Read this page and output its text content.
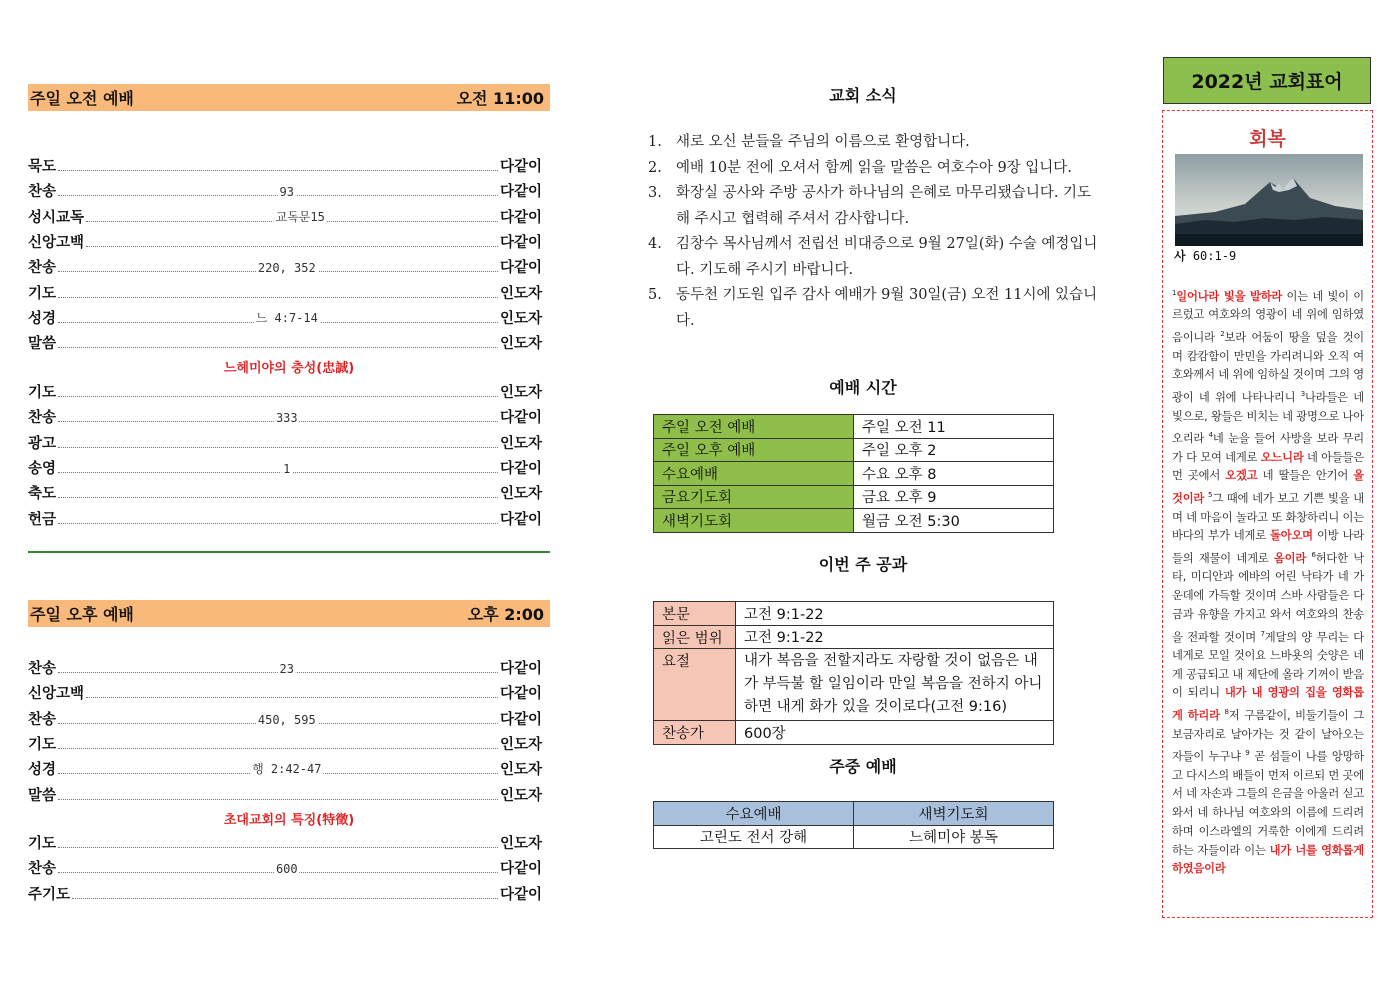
주일 오전 예배	오전 11:00
묵도	다같이
찬송	93	다같이
성시교독	교독문15	다같이
신앙고백	다같이
찬송	220, 352	다같이
기도	인도자
성경	느 4:7-14	인도자
말씀	인도자
느헤미야의 충성(忠誠)
기도	인도자
찬송	333	다같이
광고	인도자
송영	1	다같이
축도	인도자
헌금	다같이
주일 오후 예배	오후 2:00
찬송	23	다같이
신앙고백	다같이
찬송	450, 595	다같이
기도	인도자
성경	행 2:42-47	인도자
말씀	인도자
초대교회의 특징(特徵)
기도	인도자
찬송	600	다같이
주기도	다같이
교회 소식
1. 새로 오신 분들을 주님의 이름으로 환영합니다.
2. 예배 10분 전에 오셔서 함께 읽을 말씀은 여호수아 9장 입니다.
3. 화장실 공사와 주방 공사가 하나님의 은혜로 마무리됐습니다. 기도해 주시고 협력해 주셔서 감사합니다.
4. 김창수 목사님께서 전립선 비대증으로 9월 27일(화) 수술 예정입니다. 기도해 주시기 바랍니다.
5. 동두천 기도원 입주 감사 예배가 9월 30일(금) 오전 11시에 있습니다.
예배 시간
주일 오전 예배	주일 오전 11
주일 오후 예배	주일 오후 2
수요예배	수요 오후 8
금요기도회	금요 오후 9
새벽기도회	월금 오전 5:30
이번 주 공과
본문	고전 9:1-22
읽은 범위	고전 9:1-22
요절	내가 복음을 전할지라도 자랑할 것이 없음은 내가 부득불 할 일임이라 만일 복음을 전하지 아니하면 내게 화가 있을 것이로다(고전 9:16)
찬송가	600장
주중 예배
수요예배	새벽기도회
고린도 전서 강해	느헤미야 봉독
2022년 교회표어
회복
사 60:1-9
$^1$일어나라 빛을 발하라 이는 네 빛이 이르렀고 여호와의 영광이 네 위에 임하였음이니라 $^2$보라 어둠이 땅을 덮을 것이며 캄캄함이 만민을 가리려니와 오직 여호와께서 네 위에 임하실 것이며 그의 영광이 네 위에 나타나리니 $^3$나라들은 네 빛으로, 왕들은 비치는 네 광명으로 나아오리라 $^4$네 눈을 들어 사방을 보라 무리가 다 모여 네게로 오느니라 네 아들들은 먼 곳에서 오겠고 네 딸들은 안기어 올 것이라 $^5$그 때에 네가 보고 기쁜 빛을 내며 네 마음이 놀라고 또 화창하리니 이는 바다의 부가 네게로 돌아오며 이방 나라들의 재물이 네게로 옴이라 $^6$허다한 낙타, 미디안과 에바의 어린 낙타가 네 가운데에 가득할 것이며 스바 사람들은 다 금과 유향을 가지고 와서 여호와의 찬송을 전파할 것이며 $^7$게달의 양 무리는 다 네게로 모일 것이요 느바욧의 숫양은 네게 공급되고 내 제단에 올라 기꺼이 받음이 되리니 내가 내 영광의 집을 영화롭게 하리라 $^8$저 구름같이, 비둘기들이 그 보금자리로 날아가는 것 같이 날아오는 자들이 누구냐 $^9$ 곧 섬들이 나를 앙망하고 다시스의 배들이 먼저 이르되 먼 곳에서 네 자손과 그들의 은금을 아울러 싣고 와서 네 하나님 여호와의 이름에 드리려 하며 이스라엘의 거룩한 이에게 드리려 하는 자들이라 이는 내가 너를 영화롭게 하였음이라
